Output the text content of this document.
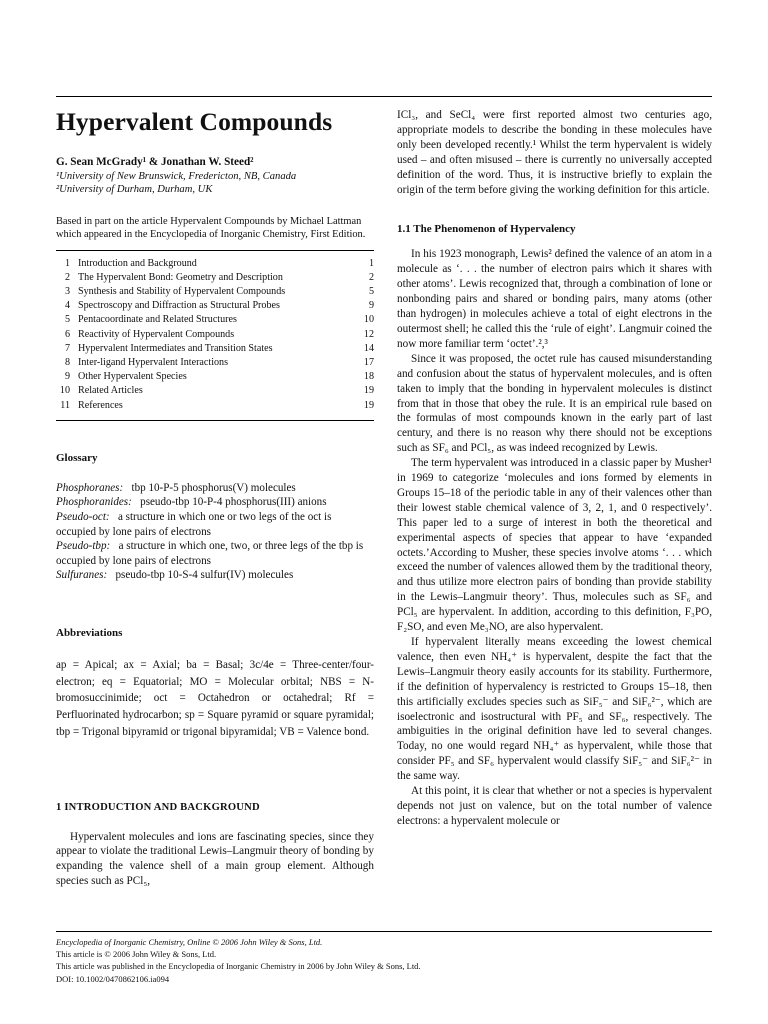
Hypervalent Compounds
G. Sean McGrady¹ & Jonathan W. Steed²
¹University of New Brunswick, Fredericton, NB, Canada
²University of Durham, Durham, UK
Based in part on the article Hypervalent Compounds by Michael Lattman which appeared in the Encyclopedia of Inorganic Chemistry, First Edition.
1 Introduction and Background	1
2 The Hypervalent Bond: Geometry and Description	2
3 Synthesis and Stability of Hypervalent Compounds	5
4 Spectroscopy and Diffraction as Structural Probes	9
5 Pentacoordinate and Related Structures	10
6 Reactivity of Hypervalent Compounds	12
7 Hypervalent Intermediates and Transition States	14
8 Inter-ligand Hypervalent Interactions	17
9 Other Hypervalent Species	18
10 Related Articles	19
11 References	19
Glossary
Phosphoranes: tbp 10-P-5 phosphorus(V) molecules
Phosphoranides: pseudo-tbp 10-P-4 phosphorus(III) anions
Pseudo-oct: a structure in which one or two legs of the oct is occupied by lone pairs of electrons
Pseudo-tbp: a structure in which one, two, or three legs of the tbp is occupied by lone pairs of electrons
Sulfuranes: pseudo-tbp 10-S-4 sulfur(IV) molecules
Abbreviations
ap = Apical; ax = Axial; ba = Basal; 3c/4e = Three-center/four-electron; eq = Equatorial; MO = Molecular orbital; NBS = N-bromosuccinimide; oct = Octahedron or octahedral; Rf = Perfluorinated hydrocarbon; sp = Square pyramid or square pyramidal; tbp = Trigonal bipyramid or trigonal bipyramidal; VB = Valence bond.
1 INTRODUCTION AND BACKGROUND

Hypervalent molecules and ions are fascinating species, since they appear to violate the traditional Lewis–Langmuir theory of bonding by expanding the valence shell of a main group element. Although species such as PCl₅,

ICl₃, and SeCl₄ were first reported almost two centuries ago, appropriate models to describe the bonding in these molecules have only been developed recently.¹ Whilst the term hypervalent is widely used – and often misused – there is currently no universally accepted definition of the word. Thus, it is instructive briefly to explain the origin of the term before giving the working definition for this article.

1.1 The Phenomenon of Hypervalency

In his 1923 monograph, Lewis² defined the valence of an atom in a molecule as ‘. . . the number of electron pairs which it shares with other atoms’. Lewis recognized that, through a combination of lone or nonbonding pairs and shared or bonding pairs, many atoms (other than hydrogen) in molecules achieve a total of eight electrons in the outermost shell; he called this the ‘rule of eight’. Langmuir coined the now more familiar term ‘octet’.²,³

Since it was proposed, the octet rule has caused misunderstanding and confusion about the status of hypervalent molecules, and is often taken to imply that the bonding in hypervalent molecules is distinct from that in those that obey the rule. It is an empirical rule based on the formulas of most compounds known in the early part of last century, and there is no reason why there should not be exceptions such as SF₆ and PCl₅, as was indeed recognized by Lewis.

The term hypervalent was introduced in a classic paper by Musher¹ in 1969 to categorize ‘molecules and ions formed by elements in Groups 15–18 of the periodic table in any of their valences other than their lowest stable chemical valence of 3, 2, 1, and 0 respectively’. This paper led to a surge of interest in both the theoretical and experimental aspects of species that appear to have ‘expanded octets.’According to Musher, these species involve atoms ‘. . . which exceed the number of valences allowed them by the traditional theory, and thus utilize more electron pairs of bonding than provide stability in the Lewis–Langmuir theory’. Thus, molecules such as SF₆ and PCl₅ are hypervalent. In addition, according to this definition, F₃PO, F₂SO, and even Me₃NO, are also hypervalent.

If hypervalent literally means exceeding the lowest chemical valence, then even NH₄⁺ is hypervalent, despite the fact that the Lewis–Langmuir theory easily accounts for its stability. Furthermore, if the definition of hypervalency is restricted to Groups 15–18, then this artificially excludes species such as SiF₅⁻ and SiF₆²⁻, which are isoelectronic and isostructural with PF₅ and SF₆, respectively. The ambiguities in the original definition have led to several changes. Today, no one would regard NH₄⁺ as hypervalent, while those that consider PF₅ and SF₆ hypervalent would classify SiF₅⁻ and SiF₆²⁻ in the same way.

At this point, it is clear that whether or not a species is hypervalent depends not just on valence, but on the total number of valence electrons: a hypervalent molecule or

Encyclopedia of Inorganic Chemistry, Online © 2006 John Wiley & Sons, Ltd.
This article is © 2006 John Wiley & Sons, Ltd.
This article was published in the Encyclopedia of Inorganic Chemistry in 2006 by John Wiley & Sons, Ltd.
DOI: 10.1002/0470862106.ia094
